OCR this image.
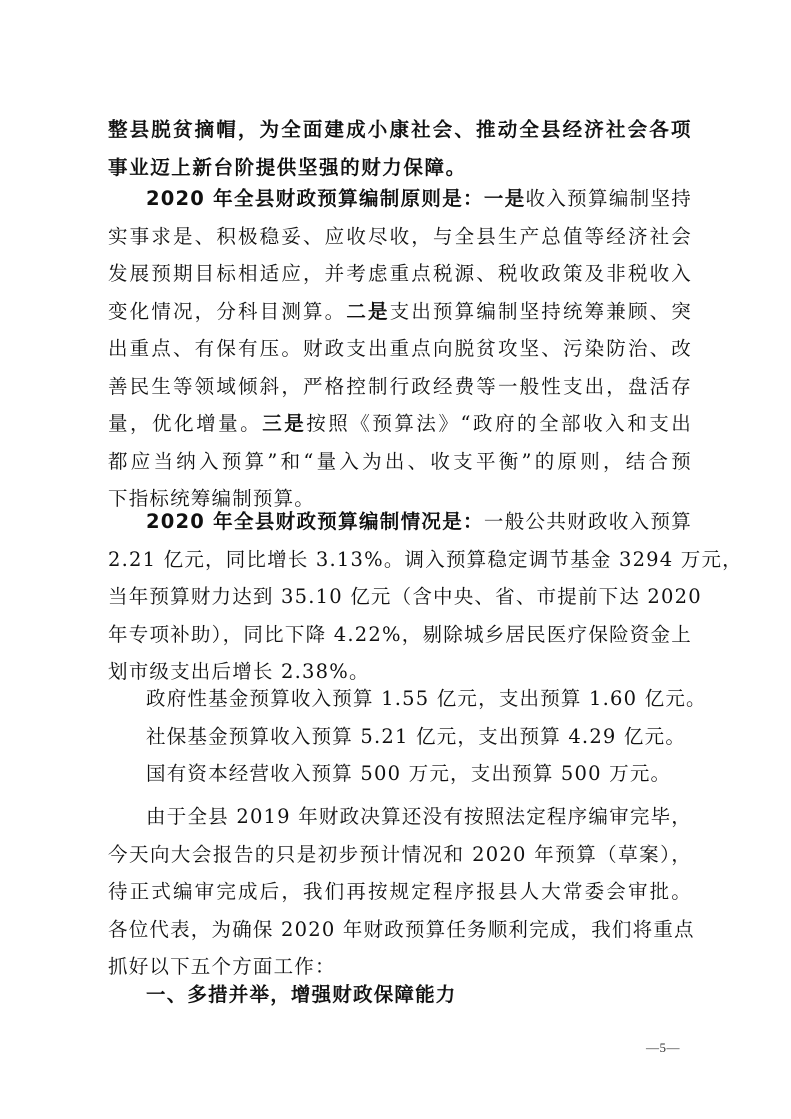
整县脱贫摘帽，为全面建成小康社会、推动全县经济社会各项
事业迈上新台阶提供坚强的财力保障。
2020 年全县财政预算编制原则是：一是收入预算编制坚持
实事求是、积极稳妥、应收尽收，与全县生产总值等经济社会
发展预期目标相适应，并考虑重点税源、税收政策及非税收入
变化情况，分科目测算。二是支出预算编制坚持统筹兼顾、突
出重点、有保有压。财政支出重点向脱贫攻坚、污染防治、改
善民生等领域倾斜，严格控制行政经费等一般性支出，盘活存
量，优化增量。三是按照《预算法》“政府的全部收入和支出
都应当纳入预算”和“量入为出、收支平衡”的原则，结合预
下指标统筹编制预算。
2020 年全县财政预算编制情况是：一般公共财政收入预算
2.21 亿元，同比增长 3.13%。调入预算稳定调节基金 3294 万元，
当年预算财力达到 35.10 亿元（含中央、省、市提前下达 2020
年专项补助），同比下降 4.22%，剔除城乡居民医疗保险资金上
划市级支出后增长 2.38%。
政府性基金预算收入预算 1.55 亿元，支出预算 1.60 亿元。
社保基金预算收入预算 5.21 亿元，支出预算 4.29 亿元。
国有资本经营收入预算 500 万元，支出预算 500 万元。
由于全县 2019 年财政决算还没有按照法定程序编审完毕，
今天向大会报告的只是初步预计情况和 2020 年预算（草案），
待正式编审完成后，我们再按规定程序报县人大常委会审批。
各位代表，为确保 2020 年财政预算任务顺利完成，我们将重点
抓好以下五个方面工作：
一、多措并举，增强财政保障能力
—5—
